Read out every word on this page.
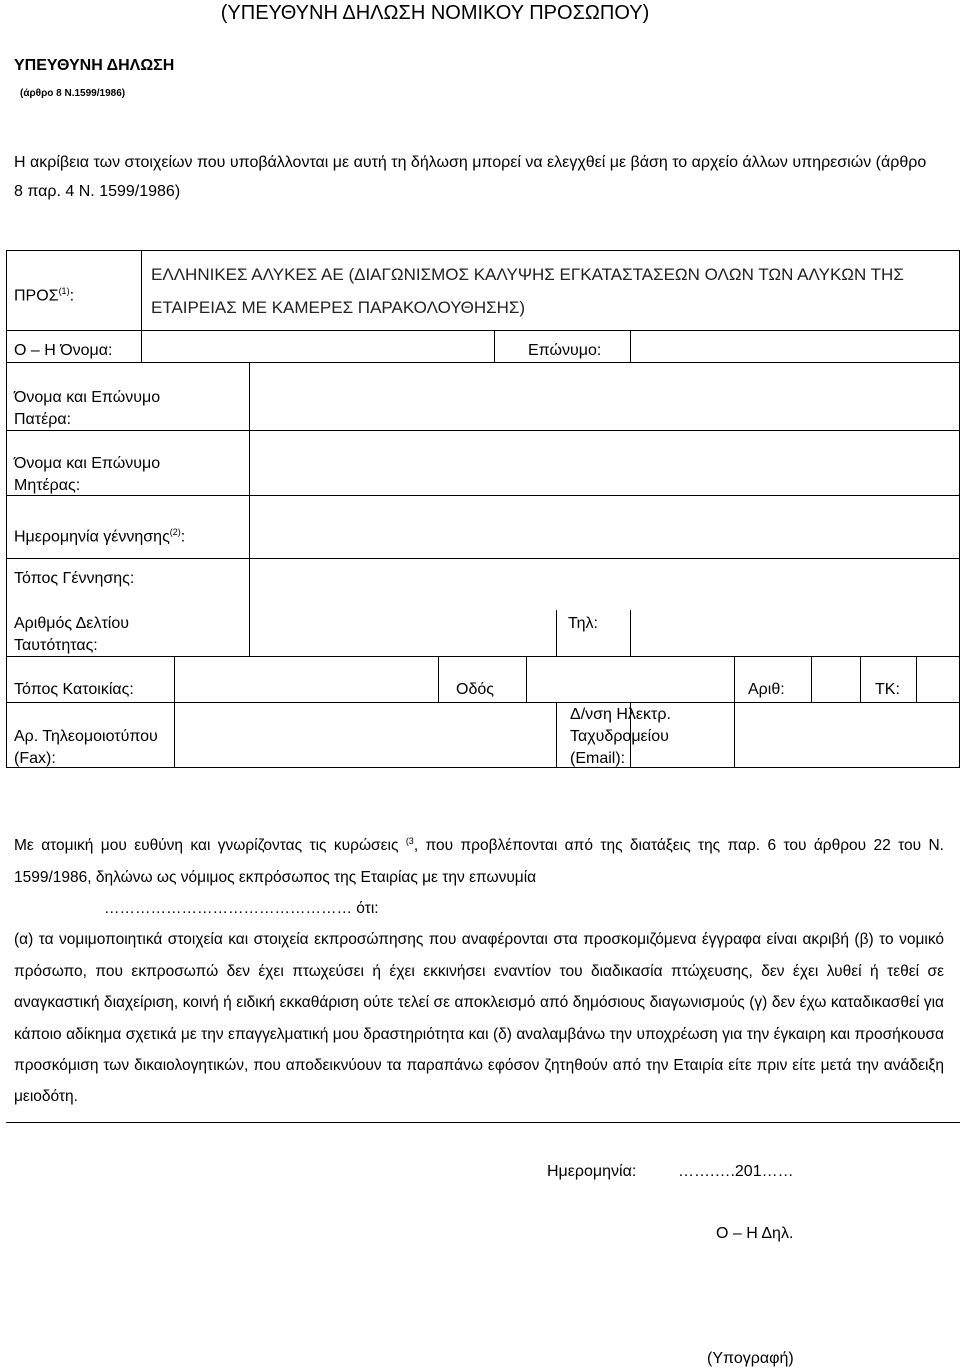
(ΥΠΕΥΘΥΝΗ ΔΗΛΩΣΗ ΝΟΜΙΚΟΥ ΠΡΟΣΩΠΟΥ)
ΥΠΕΥΘΥΝΗ ΔΗΛΩΣΗ
(άρθρο 8 Ν.1599/1986)
Η ακρίβεια των στοιχείων που υποβάλλονται με αυτή τη δήλωση μπορεί να ελεγχθεί με βάση το αρχείο άλλων υπηρεσιών (άρθρο 8 παρ. 4 Ν. 1599/1986)
ΠΡΟΣ$^{(1)}$:
ΕΛΛΗΝΙΚΕΣ ΑΛΥΚΕΣ ΑΕ (ΔΙΑΓΩΝΙΣΜΟΣ ΚΑΛΥΨΗΣ ΕΓΚΑΤΑΣΤΑΣΕΩΝ ΟΛΩΝ ΤΩΝ ΑΛΥΚΩΝ ΤΗΣ ΕΤΑΙΡΕΙΑΣ ΜΕ ΚΑΜΕΡΕΣ ΠΑΡΑΚΟΛΟΥΘΗΣΗΣ)
Ο – Η Όνομα:	Επώνυμο:
Όνομα και Επώνυμο
Πατέρα:
Όνομα και Επώνυμο
Μητέρας:
Ημερομηνία γέννησης$^{(2)}$:
Τόπος Γέννησης:
Αριθμός Δελτίου
Ταυτότητας:
Τηλ:
Τόπος Κατοικίας:	Οδός	Αριθ:	ΤΚ:
Αρ. Τηλεομοιοτύπου
(Fax):
Δ/νση Ηλεκτρ.
Ταχυδρομείου
(Email):

Με ατομική μου ευθύνη και γνωρίζοντας τις κυρώσεις $^{(3}$, που προβλέπονται από της διατάξεις της παρ. 6 του άρθρου 22 του Ν. 1599/1986, δηλώνω ως νόμιμος εκπρόσωπος της Εταιρίας με την επωνυμία

………………………………………… ότι:

(α) τα νομιμοποιητικά στοιχεία και στοιχεία εκπροσώπησης που αναφέρονται στα προσκομιζόμενα έγγραφα είναι ακριβή (β) το νομικό πρόσωπο, που εκπροσωπώ δεν έχει πτωχεύσει ή έχει εκκινήσει εναντίον του διαδικασία πτώχευσης, δεν έχει λυθεί ή τεθεί σε αναγκαστική διαχείριση, κοινή ή ειδική εκκαθάριση ούτε τελεί σε αποκλεισμό από δημόσιους διαγωνισμούς (γ) δεν έχω καταδικασθεί για κάποιο αδίκημα σχετικά με την επαγγελματική μου δραστηριότητα και (δ) αναλαμβάνω την υποχρέωση για την έγκαιρη και προσήκουσα προσκόμιση των δικαιολογητικών, που αποδεικνύουν τα παραπάνω εφόσον ζητηθούν από την Εταιρία είτε πριν είτε μετά την ανάδειξη μειοδότη.

Ημερομηνία:	…….….201……
Ο – Η Δηλ.
(Υπογραφή)
